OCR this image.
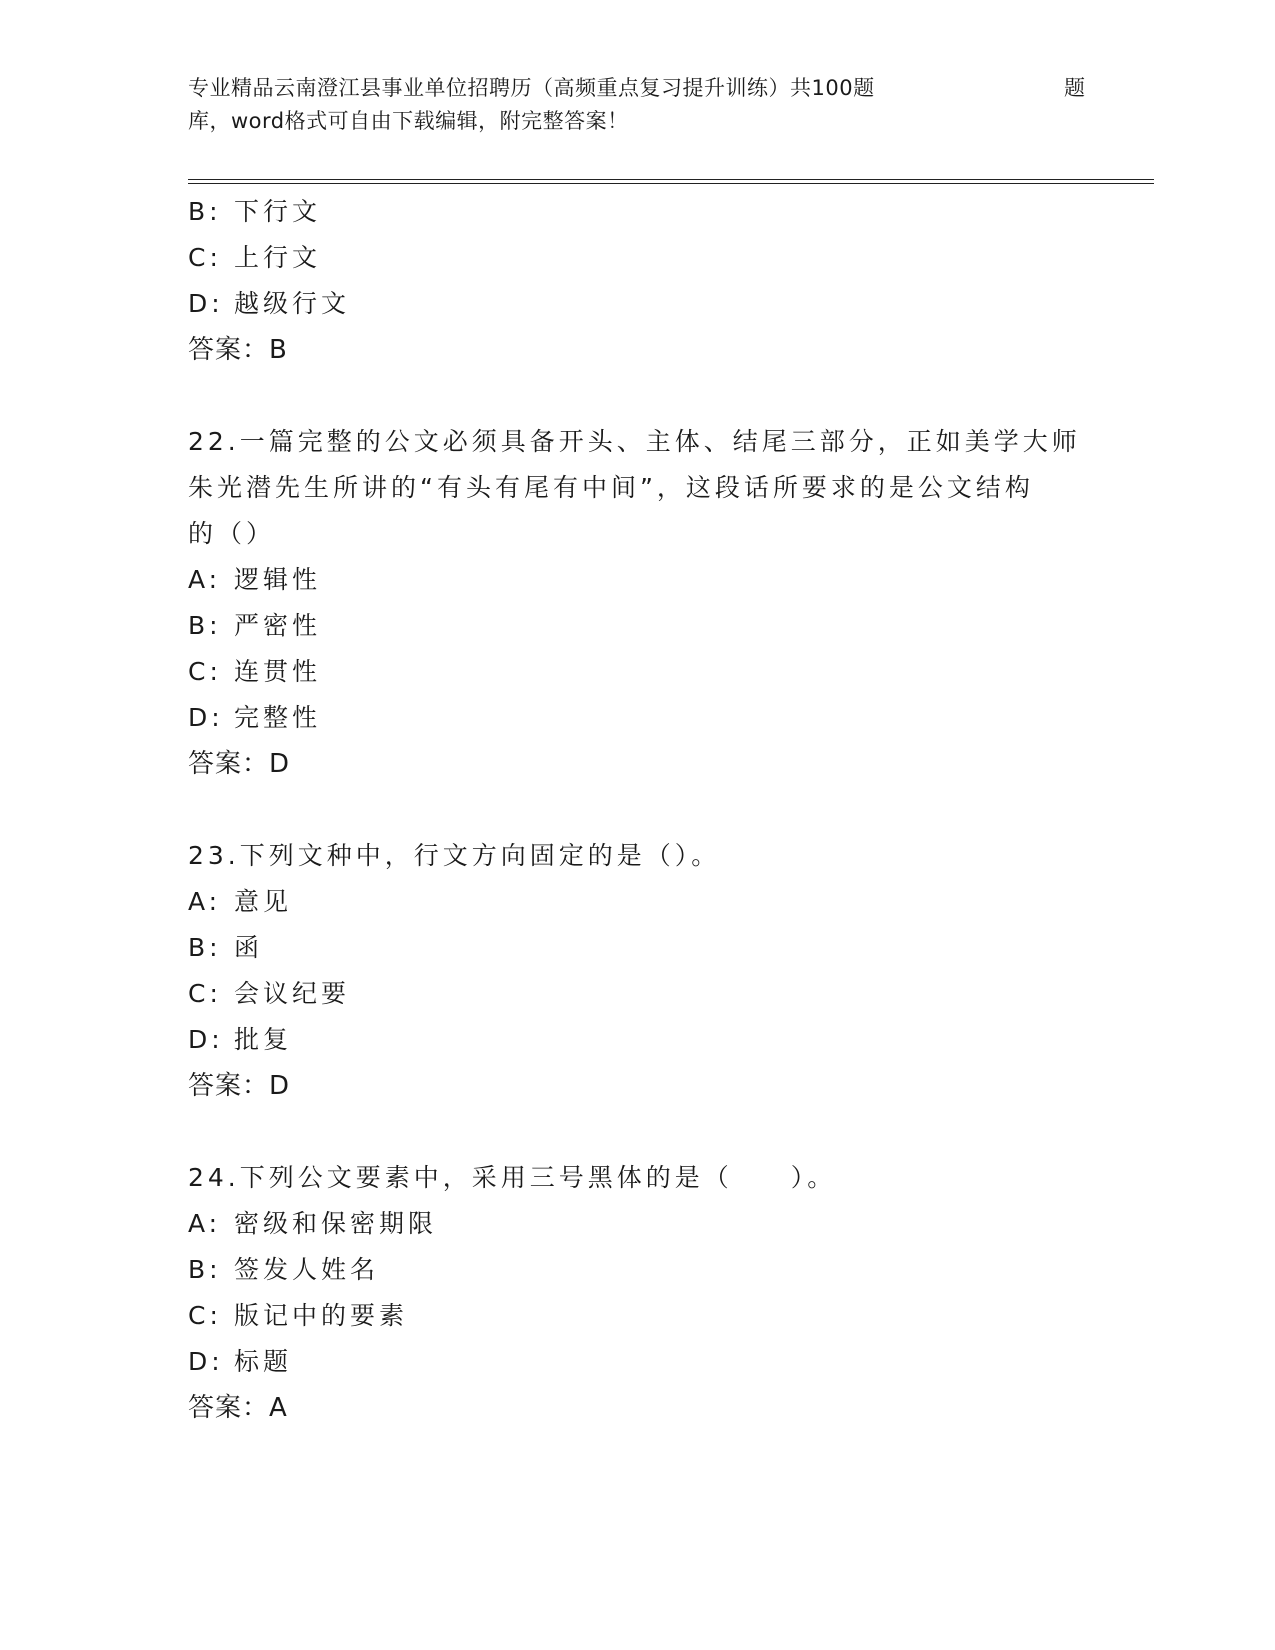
专业精品云南澄江县事业单位招聘历（高频重点复习提升训练）共100题	题
库，word格式可自由下载编辑，附完整答案！
B: 下行文
C: 上行文
D: 越级行文
答案：B
22.一篇完整的公文必须具备开头、主体、结尾三部分，正如美学大师
朱光潜先生所讲的“有头有尾有中间”，这段话所要求的是公文结构
的（）
A: 逻辑性
B: 严密性
C: 连贯性
D: 完整性
答案：D
23.下列文种中，行文方向固定的是（）。
A: 意见
B: 函
C: 会议纪要
D: 批复
答案：D
24.下列公文要素中，采用三号黑体的是（　　）。
A: 密级和保密期限
B: 签发人姓名
C: 版记中的要素
D: 标题
答案：A
